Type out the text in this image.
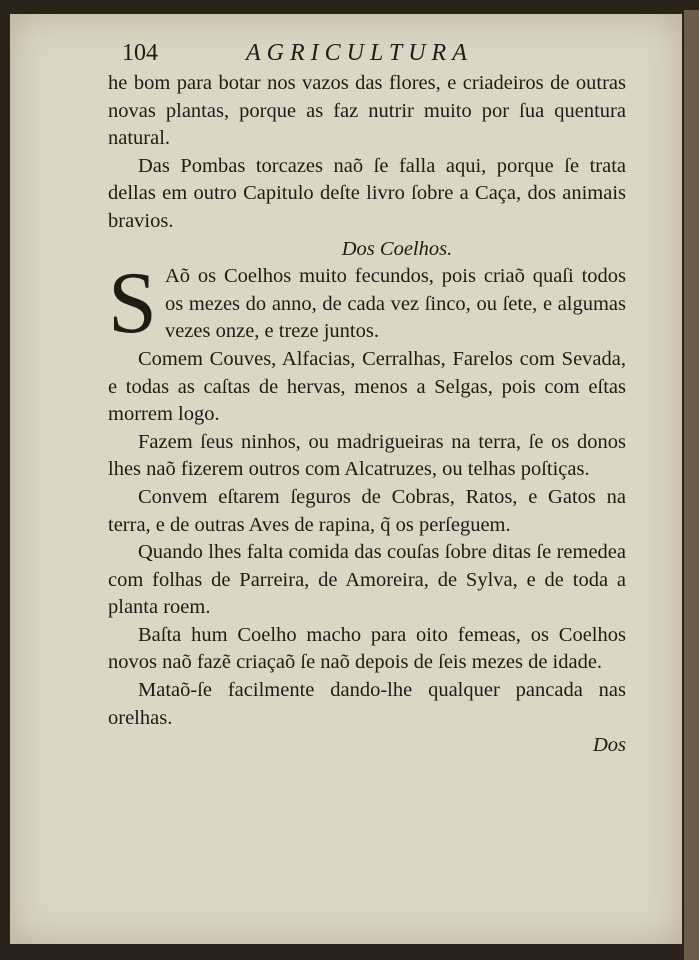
104	AGRICULTURA

he bom para botar nos vazos das flores, e criadeiros de outras novas plantas, porque as faz nutrir muito por ſua quentura natural.

Das Pombas torcazes naõ ſe falla aqui, porque ſe trata dellas em outro Capitulo deſte livro ſobre a Caça, dos animais bravios.

Dos Coelhos.

S Aõ os Coelhos muito fecundos, pois criaõ quaſi todos os mezes do anno, de cada vez ſinco, ou ſete, e algumas vezes onze, e treze juntos.

Comem Couves, Alfacias, Cerralhas, Farelos com Sevada, e todas as caſtas de hervas, menos a Selgas, pois com eſtas morrem logo.

Fazem ſeus ninhos, ou madrigueiras na terra, ſe os donos lhes naõ fizerem outros com Alcatruzes, ou telhas poſtiças.

Convem eſtarem ſeguros de Cobras, Ratos, e Gatos na terra, e de outras Aves de rapina, q̃ os perſeguem.

Quando lhes falta comida das couſas ſobre ditas ſe remedea com folhas de Parreira, de Amoreira, de Sylva, e de toda a planta roem.

Baſta hum Coelho macho para oito femeas, os Coelhos novos naõ fazẽ criaçaõ ſe naõ depois de ſeis mezes de idade.

Mataõ-ſe facilmente dando-lhe qualquer pancada nas orelhas.

Dos
